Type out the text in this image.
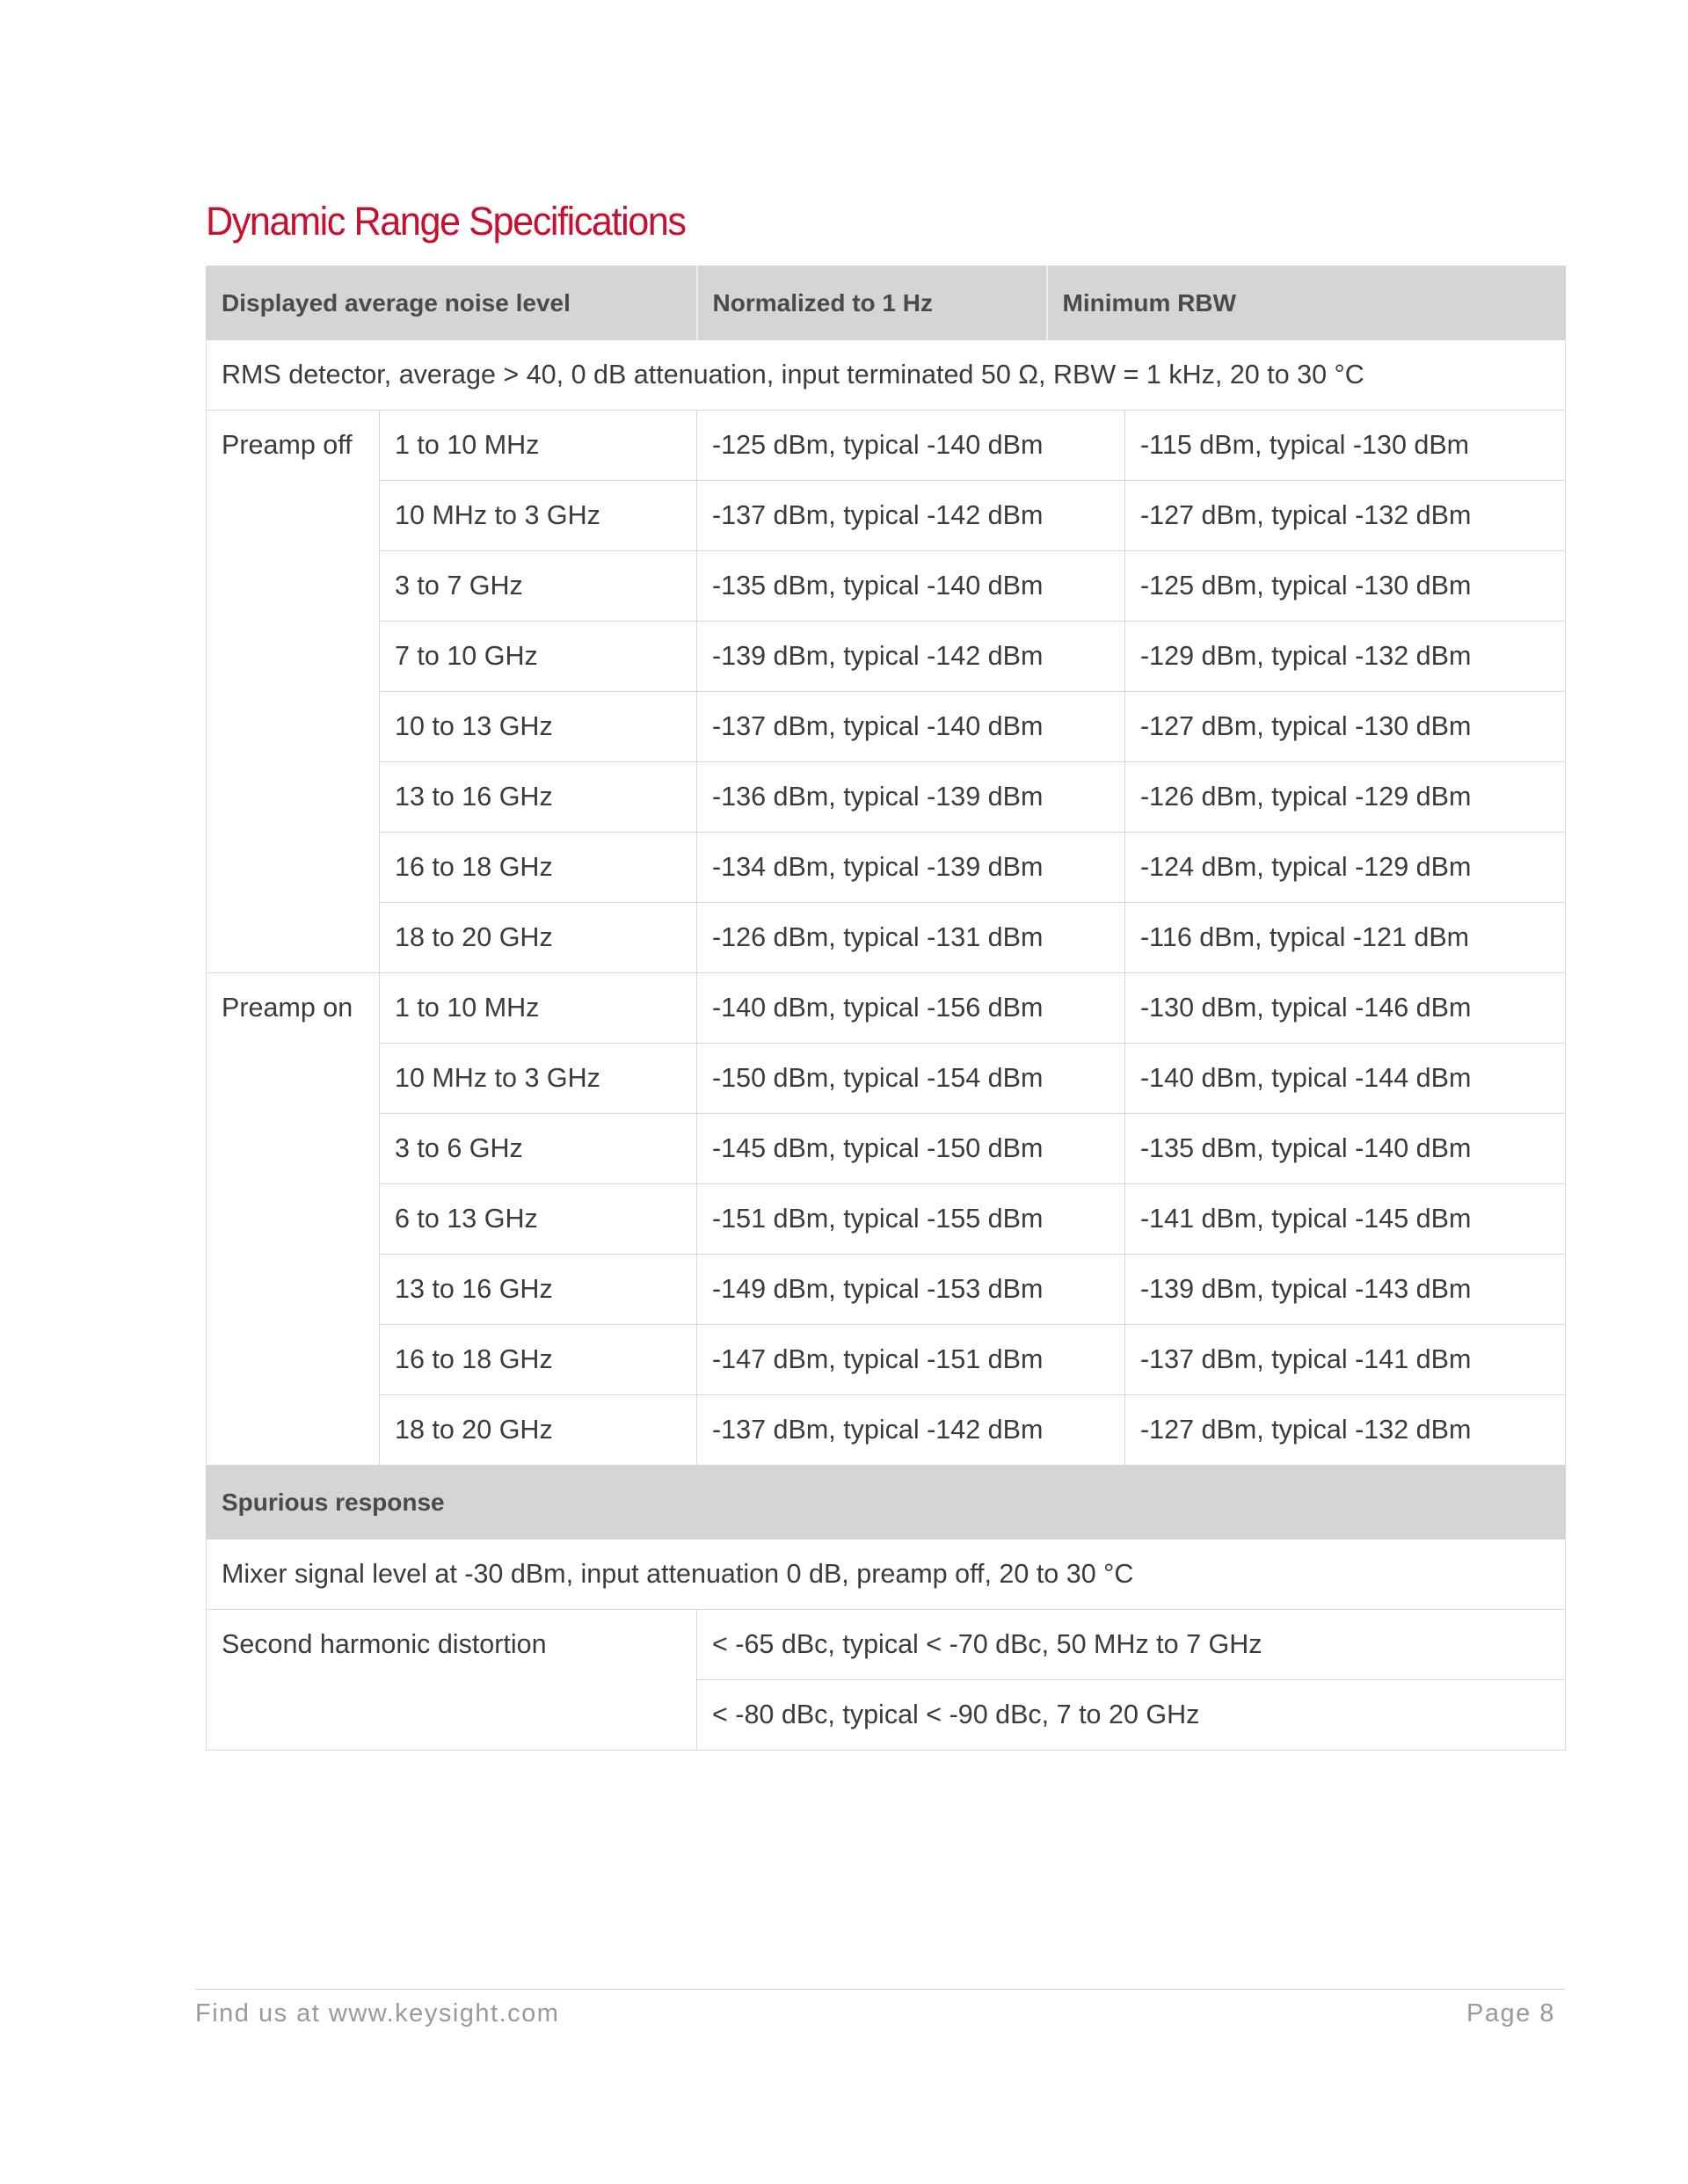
Dynamic Range Specifications
Displayed average noise level		Normalized to 1 Hz	Minimum RBW	
RMS detector, average > 40, 0 dB attenuation, input terminated 50 Ω, RBW = 1 kHz, 20 to 30 °C				
Preamp off	1 to 10 MHz	-125 dBm, typical -140 dBm		-115 dBm, typical -130 dBm
	10 MHz to 3 GHz	-137 dBm, typical -142 dBm		-127 dBm, typical -132 dBm
	3 to 7 GHz	-135 dBm, typical -140 dBm		-125 dBm, typical -130 dBm
	7 to 10 GHz	-139 dBm, typical -142 dBm		-129 dBm, typical -132 dBm
	10 to 13 GHz	-137 dBm, typical -140 dBm		-127 dBm, typical -130 dBm
	13 to 16 GHz	-136 dBm, typical -139 dBm		-126 dBm, typical -129 dBm
	16 to 18 GHz	-134 dBm, typical -139 dBm		-124 dBm, typical -129 dBm
	18 to 20 GHz	-126 dBm, typical -131 dBm		-116 dBm, typical -121 dBm
Preamp on	1 to 10 MHz	-140 dBm, typical -156 dBm		-130 dBm, typical -146 dBm
	10 MHz to 3 GHz	-150 dBm, typical -154 dBm		-140 dBm, typical -144 dBm
	3 to 6 GHz	-145 dBm, typical -150 dBm		-135 dBm, typical -140 dBm
	6 to 13 GHz	-151 dBm, typical -155 dBm		-141 dBm, typical -145 dBm
	13 to 16 GHz	-149 dBm, typical -153 dBm		-139 dBm, typical -143 dBm
	16 to 18 GHz	-147 dBm, typical -151 dBm		-137 dBm, typical -141 dBm
	18 to 20 GHz	-137 dBm, typical -142 dBm		-127 dBm, typical -132 dBm
Spurious response				
Mixer signal level at -30 dBm, input attenuation 0 dB, preamp off, 20 to 30 °C				
Second harmonic distortion		< -65 dBc, typical < -70 dBc, 50 MHz to 7 GHz		
		< -80 dBc, typical < -90 dBc, 7 to 20 GHz		
Find us at www.keysight.com	Page 8
